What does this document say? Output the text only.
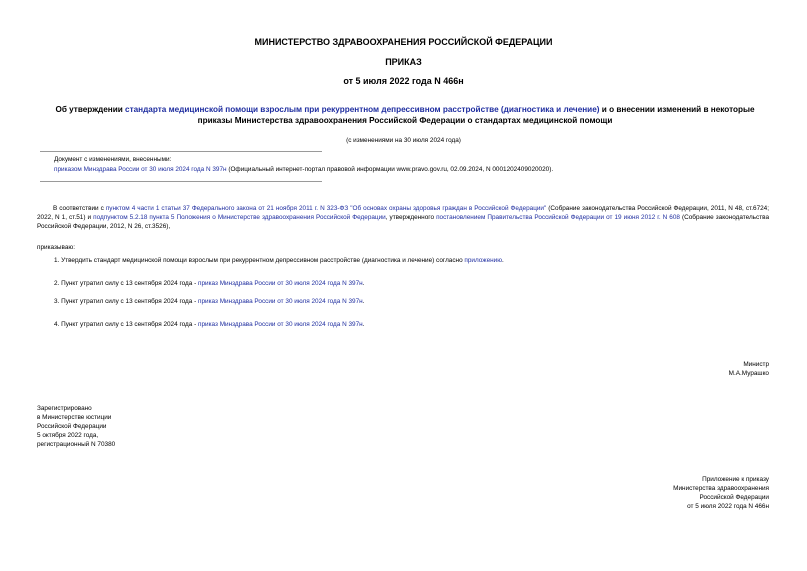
МИНИСТЕРСТВО ЗДРАВООХРАНЕНИЯ РОССИЙСКОЙ ФЕДЕРАЦИИ
ПРИКАЗ
от 5 июля 2022 года N 466н
Об утверждении стандарта медицинской помощи взрослым при рекуррентном депрессивном расстройстве (диагностика и лечение) и о внесении изменений в некоторые приказы Министерства здравоохранения Российской Федерации о стандартах медицинской помощи
(с изменениями на 30 июля 2024 года)
Документ с изменениями, внесенными:
приказом Минздрава России от 30 июля 2024 года N 397н (Официальный интернет-портал правовой информации www.pravo.gov.ru, 02.09.2024, N 0001202409020020).
В соответствии с пунктом 4 части 1 статьи 37 Федерального закона от 21 ноября 2011 г. N 323-ФЗ "Об основах охраны здоровья граждан в Российской Федерации" (Собрание законодательства Российской Федерации, 2011, N 48, ст.6724; 2022, N 1, ст.51) и подпунктом 5.2.18 пункта 5 Положения о Министерстве здравоохранения Российской Федерации, утвержденного постановлением Правительства Российской Федерации от 19 июня 2012 г. N 608 (Собрание законодательства Российской Федерации, 2012, N 26, ст.3526),
приказываю:
1. Утвердить стандарт медицинской помощи взрослым при рекуррентном депрессивном расстройстве (диагностика и лечение) согласно приложению.
2. Пункт утратил силу с 13 сентября 2024 года - приказ Минздрава России от 30 июля 2024 года N 397н.
3. Пункт утратил силу с 13 сентября 2024 года - приказ Минздрава России от 30 июля 2024 года N 397н.
4. Пункт утратил силу с 13 сентября 2024 года - приказ Минздрава России от 30 июля 2024 года N 397н.
Министр
М.А.Мурашко
Зарегистрировано
в Министерстве юстиции
Российской Федерации
5 октября 2022 года,
регистрационный N 70380
Приложение к приказу
Министерства здравоохранения
Российской Федерации
от 5 июля 2022 года N 466н
